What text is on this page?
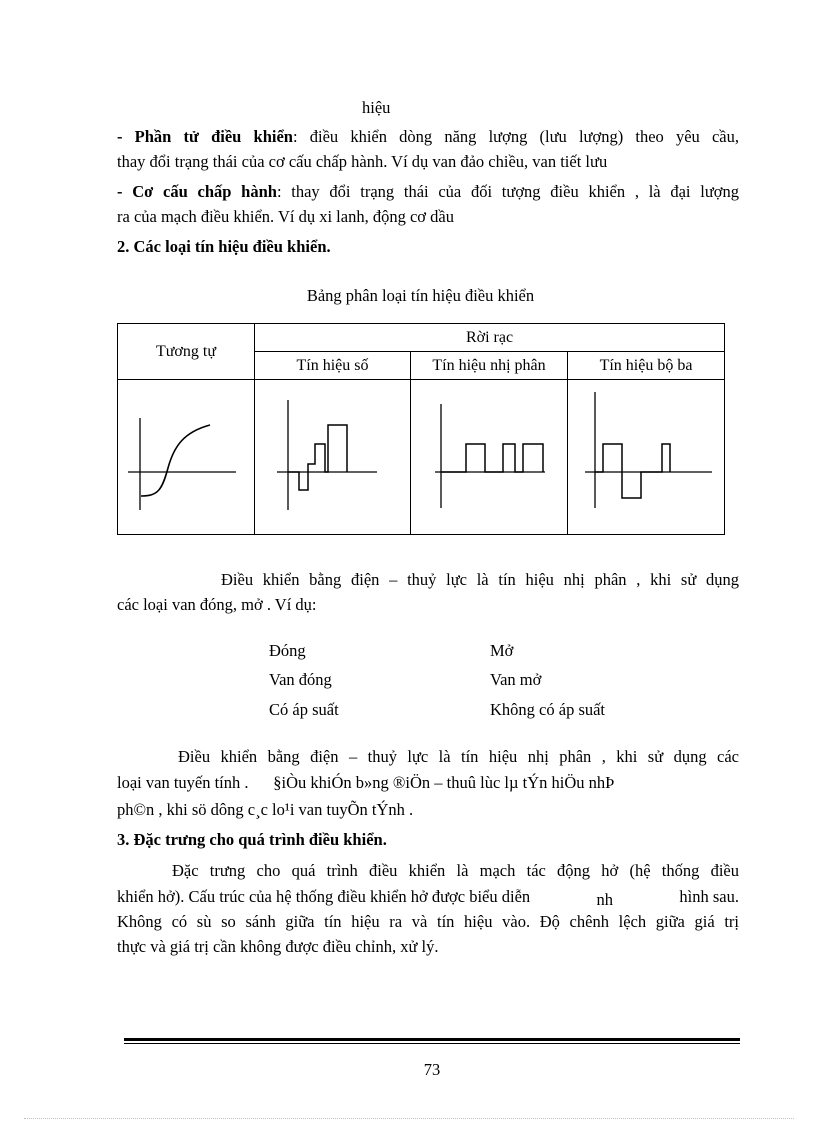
hiệu
- Phần tử điều khiển: điều khiển dòng năng lượng (lưu lượng) theo yêu cầu,
thay đổi trạng thái của cơ cấu chấp hành. Ví dụ van đảo chiều, van tiết lưu
- Cơ cấu chấp hành: thay đổi trạng thái của đối tượng điều khiển , là đại lượng
ra của mạch điều khiển. Ví dụ xi lanh, động cơ dầu
2. Các loại tín hiệu điều khiển.
Bảng phân loại tín hiệu điều khiển
Tương tự	Rời rạc		
	Tín hiệu số	Tín hiệu nhị phân	Tín hiệu bộ ba

Điều khiển bằng điện – thuỷ lực là tín hiệu nhị phân , khi sử dụng
các loại van đóng, mở . Ví dụ:
Đóng	Mở
Van đóng	Van mở
Có áp suất	Không có áp suất
Điều khiển bằng điện – thuỷ lực là tín hiệu nhị phân , khi sử dụng các
loại van tuyến tính .      §iÒu khiÓn b»ng ®iÖn – thuû lùc lµ tÝn hiÖu nhÞ
ph©n , khi sö dông c¸c lo¹i van tuyÕn tÝnh .
3. Đặc trưng cho quá trình điều khiển.
Đặc trưng cho quá trình điều khiển là mạch tác động hở (hệ thống điều
khiển hở). Cấu trúc của hệ thống điều khiển hở được biểu diễn	nh	hình sau.
Không có sù so sánh giữa tín hiệu ra và tín hiệu vào. Độ chênh lệch giữa giá trị
thực và giá trị cần không được điều chỉnh, xử lý.
73
